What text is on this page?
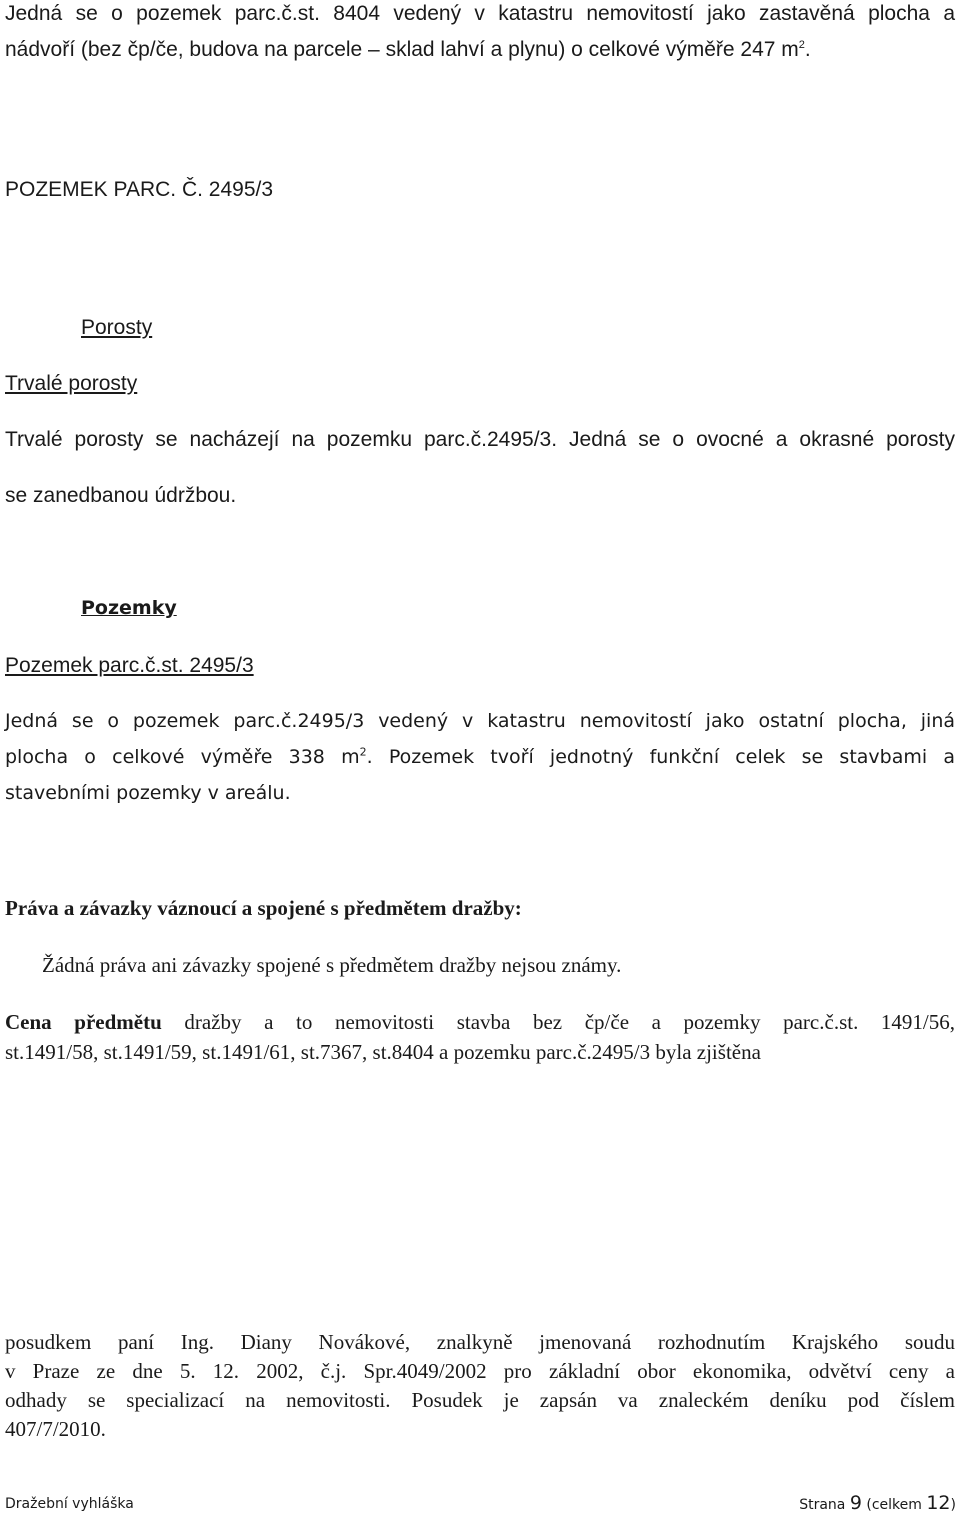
Jedná se o pozemek parc.č.st. 8404 vedený v katastru nemovitostí jako zastavěná plocha a
nádvoří (bez čp/če, budova na parcele – sklad lahví a plynu) o celkové výměře 247 $m^2$.
POZEMEK PARC. Č. 2495/3
Porosty
Trvalé porosty
Trvalé porosty se nacházejí na pozemku parc.č.2495/3. Jedná se o ovocné a okrasné porosty
se zanedbanou údržbou.
Pozemky
Pozemek parc.č.st. 2495/3
Jedná se o pozemek parc.č.2495/3 vedený v katastru nemovitostí jako ostatní plocha, jiná
plocha o celkové výměře 338 $m^2$. Pozemek tvoří jednotný funkční celek se stavbami a
stavebními pozemky v areálu.
Práva a závazky váznoucí a spojené s předmětem dražby:
Žádná práva ani závazky spojené s předmětem dražby nejsou známy.
Cena předmětu dražby a to nemovitosti stavba bez čp/če a pozemky parc.č.st. 1491/56,
st.1491/58, st.1491/59, st.1491/61, st.7367, st.8404 a pozemku parc.č.2495/3 byla zjištěna
posudkem paní Ing. Diany Novákové, znalkyně jmenovaná rozhodnutím Krajského soudu
v Praze ze dne 5. 12. 2002, č.j. Spr.4049/2002 pro základní obor ekonomika, odvětví ceny a
odhady se specializací na nemovitosti. Posudek je zapsán va znaleckém deníku pod číslem
407/7/2010.
Dražební vyhláška	Strana 9 (celkem 12)
